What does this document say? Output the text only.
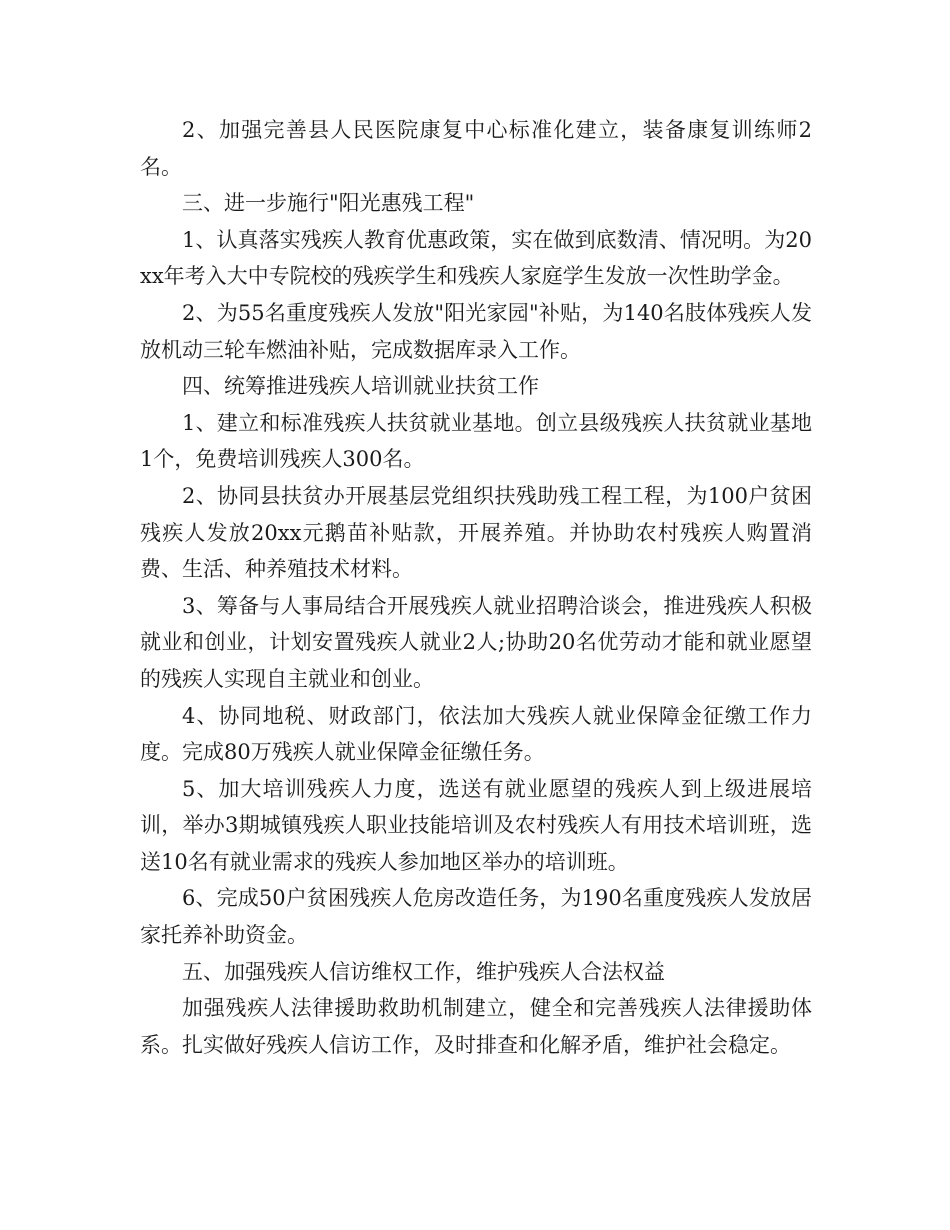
2、加强完善县人民医院康复中心标准化建立，装备康复训练师2名。

三、进一步施行"阳光惠残工程"

1、认真落实残疾人教育优惠政策，实在做到底数清、情况明。为20xx年考入大中专院校的残疾学生和残疾人家庭学生发放一次性助学金。

2、为55名重度残疾人发放"阳光家园"补贴，为140名肢体残疾人发放机动三轮车燃油补贴，完成数据库录入工作。

四、统筹推进残疾人培训就业扶贫工作

1、建立和标准残疾人扶贫就业基地。创立县级残疾人扶贫就业基地1个，免费培训残疾人300名。

2、协同县扶贫办开展基层党组织扶残助残工程工程，为100户贫困残疾人发放20xx元鹅苗补贴款，开展养殖。并协助农村残疾人购置消费、生活、种养殖技术材料。

3、筹备与人事局结合开展残疾人就业招聘洽谈会，推进残疾人积极就业和创业，计划安置残疾人就业2人;协助20名优劳动才能和就业愿望的残疾人实现自主就业和创业。

4、协同地税、财政部门，依法加大残疾人就业保障金征缴工作力度。完成80万残疾人就业保障金征缴任务。

5、加大培训残疾人力度，选送有就业愿望的残疾人到上级进展培训，举办3期城镇残疾人职业技能培训及农村残疾人有用技术培训班，选送10名有就业需求的残疾人参加地区举办的培训班。

6、完成50户贫困残疾人危房改造任务，为190名重度残疾人发放居家托养补助资金。

五、加强残疾人信访维权工作，维护残疾人合法权益

加强残疾人法律援助救助机制建立，健全和完善残疾人法律援助体系。扎实做好残疾人信访工作，及时排查和化解矛盾，维护社会稳定。
